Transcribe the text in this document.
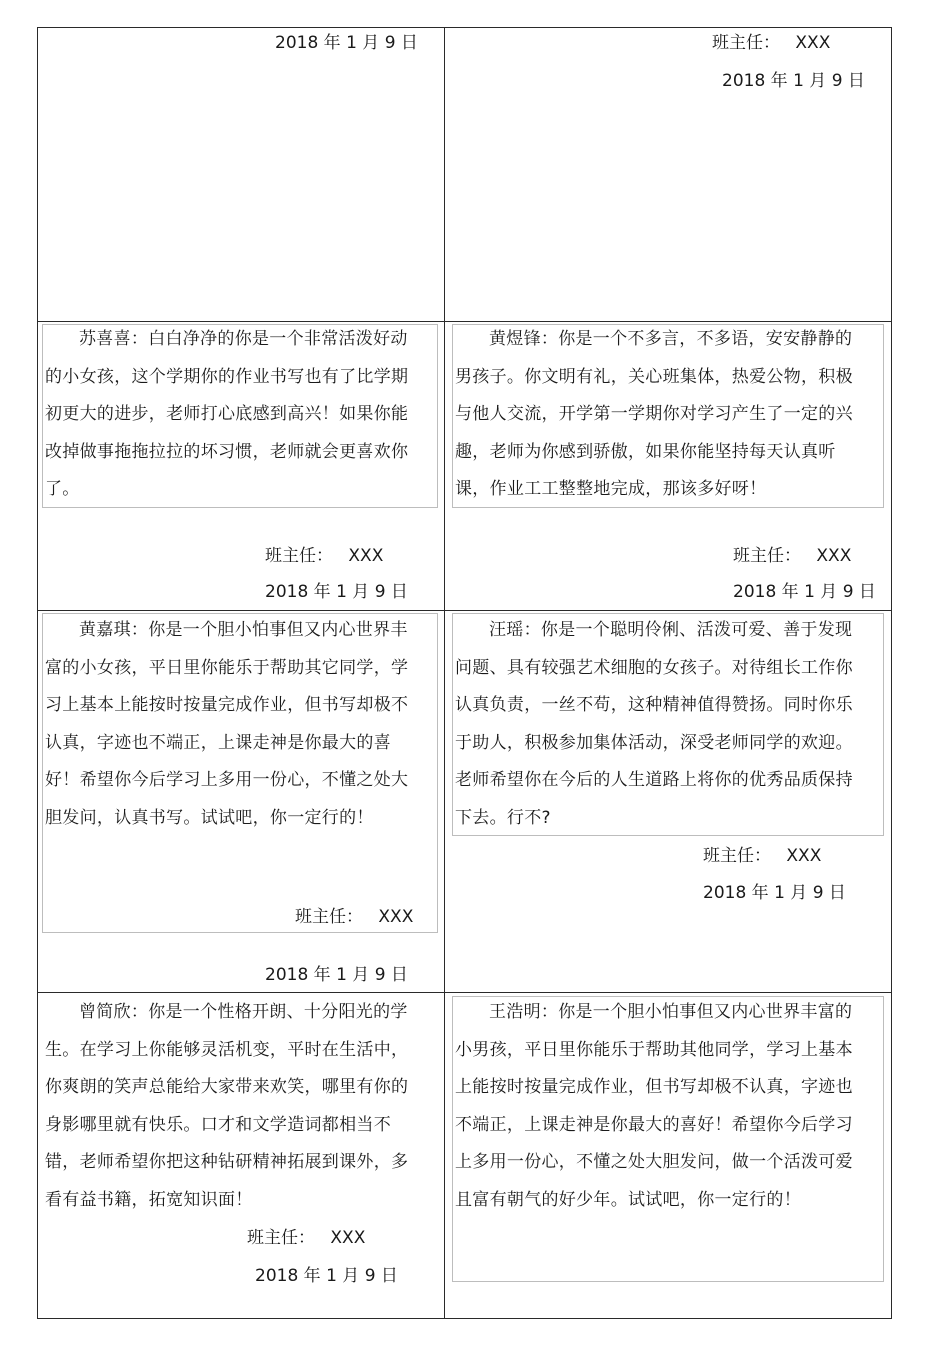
2018 年 1 月 9 日	班主任： XXX
2018 年 1 月 9 日

苏喜喜：白白净净的你是一个非常活泼好动的小女孩，这个学期你的作业书写也有了比学期初更大的进步，老师打心底感到高兴！如果你能改掉做事拖拖拉拉的坏习惯，老师就会更喜欢你了。

班主任： XXX
2018 年 1 月 9 日

黄煜锋：你是一个不多言，不多语，安安静静的男孩子。你文明有礼，关心班集体，热爱公物，积极与他人交流，开学第一学期你对学习产生了一定的兴趣，老师为你感到骄傲，如果你能坚持每天认真听课，作业工工整整地完成，那该多好呀！

班主任： XXX
2018 年 1 月 9 日

黄嘉琪：你是一个胆小怕事但又内心世界丰富的小女孩，平日里你能乐于帮助其它同学，学习上基本上能按时按量完成作业，但书写却极不认真，字迹也不端正，上课走神是你最大的喜好！希望你今后学习上多用一份心，不懂之处大胆发问，认真书写。试试吧，你一定行的！

班主任： XXX
2018 年 1 月 9 日

汪瑶：你是一个聪明伶俐、活泼可爱、善于发现问题、具有较强艺术细胞的女孩子。对待组长工作你认真负责，一丝不苟，这种精神值得赞扬。同时你乐于助人，积极参加集体活动，深受老师同学的欢迎。老师希望你在今后的人生道路上将你的优秀品质保持下去。行不?

班主任： XXX
2018 年 1 月 9 日

曾简欣：你是一个性格开朗、十分阳光的学生。在学习上你能够灵活机变，平时在生活中，你爽朗的笑声总能给大家带来欢笑，哪里有你的身影哪里就有快乐。口才和文学造词都相当不错，老师希望你把这种钻研精神拓展到课外，多看有益书籍，拓宽知识面！

班主任： XXX
2018 年 1 月 9 日

王浩明：你是一个胆小怕事但又内心世界丰富的小男孩，平日里你能乐于帮助其他同学，学习上基本上能按时按量完成作业，但书写却极不认真，字迹也不端正，上课走神是你最大的喜好！希望你今后学习上多用一份心，不懂之处大胆发问，做一个活泼可爱且富有朝气的好少年。试试吧，你一定行的！
